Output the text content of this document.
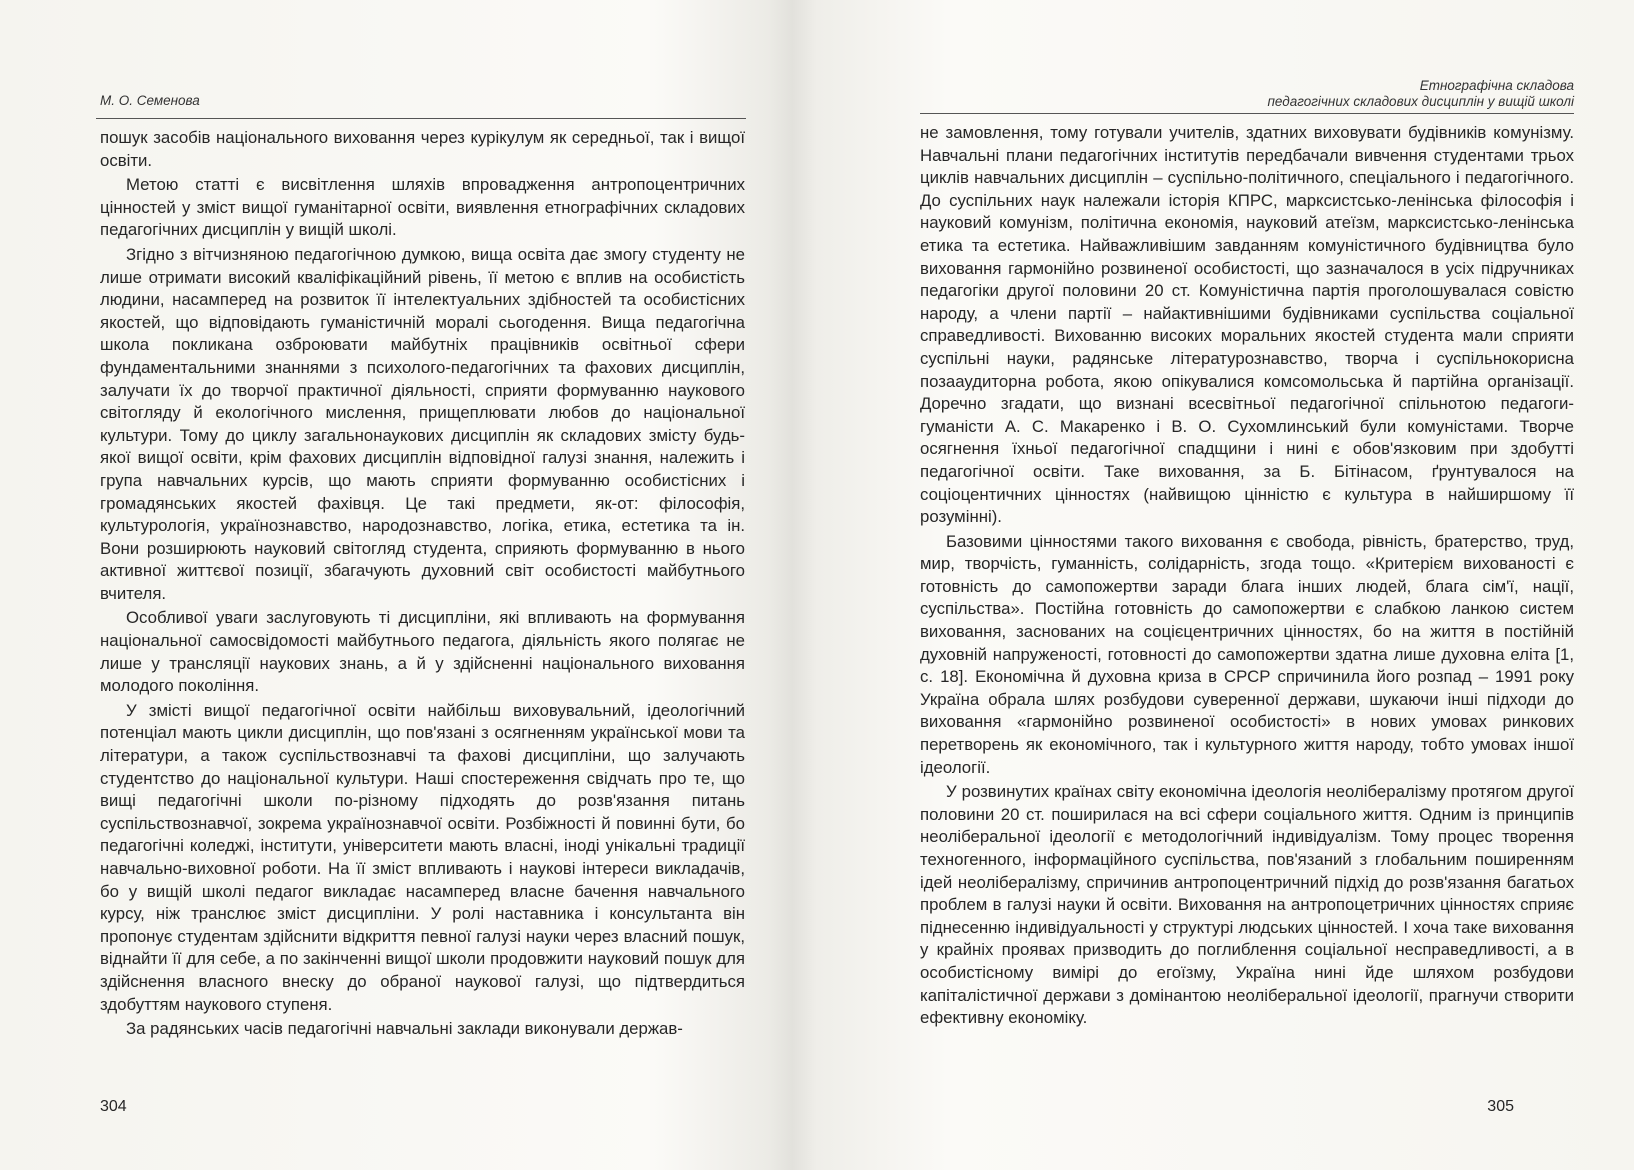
М. О. Семенова

пошук засобів національного виховання через курікулум як середньої, так і вищої освіти.

Метою статті є висвітлення шляхів впровадження антропоцентричних цінностей у зміст вищої гуманітарної освіти, виявлення етнографічних складових педагогічних дисциплін у вищій школі.

Згідно з вітчизняною педагогічною думкою, вища освіта дає змогу студенту не лише отримати високий кваліфікаційний рівень, її метою є вплив на особистість людини, насамперед на розвиток її інтелектуальних здібностей та особистісних якостей, що відповідають гуманістичній моралі сьогодення. Вища педагогічна школа покликана озброювати майбутніх працівників освітньої сфери фундаментальними знаннями з психолого-педагогічних та фахових дисциплін, залучати їх до творчої практичної діяльності, сприяти формуванню наукового світогляду й екологічного мислення, прищеплювати любов до національної культури. Тому до циклу загальнонаукових дисциплін як складових змісту будь-якої вищої освіти, крім фахових дисциплін відповідної галузі знання, належить і група навчальних курсів, що мають сприяти формуванню особистісних і громадянських якостей фахівця. Це такі предмети, як-от: філософія, культурологія, українознавство, народознавство, логіка, етика, естетика та ін. Вони розширюють науковий світогляд студента, сприяють формуванню в нього активної життєвої позиції, збагачують духовний світ особистості майбутнього вчителя.

Особливої уваги заслуговують ті дисципліни, які впливають на формування національної самосвідомості майбутнього педагога, діяльність якого полягає не лише у трансляції наукових знань, а й у здійсненні національного виховання молодого покоління.

У змісті вищої педагогічної освіти найбільш виховувальний, ідеологічний потенціал мають цикли дисциплін, що пов'язані з осягненням української мови та літератури, а також суспільствознавчі та фахові дисципліни, що залучають студентство до національної культури. Наші спостереження свідчать про те, що вищі педагогічні школи по-різному підходять до розв'язання питань суспільствознавчої, зокрема українознавчої освіти. Розбіжності й повинні бути, бо педагогічні коледжі, інститути, університети мають власні, іноді унікальні традиції навчально-виховної роботи. На її зміст впливають і наукові інтереси викладачів, бо у вищій школі педагог викладає насамперед власне бачення навчального курсу, ніж транслює зміст дисципліни. У ролі наставника і консультанта він пропонує студентам здійснити відкриття певної галузі науки через власний пошук, віднайти її для себе, а по закінченні вищої школи продовжити науковий пошук для здійснення власного внеску до обраної наукової галузі, що підтвердиться здобуттям наукового ступеня.

За радянських часів педагогічні навчальні заклади виконували держав-

304
Етнографічна складова
педагогічних складових дисциплін у вищій школі

не замовлення, тому готували учителів, здатних виховувати будівників комунізму. Навчальні плани педагогічних інститутів передбачали вивчення студентами трьох циклів навчальних дисциплін – суспільно-політичного, спеціального і педагогічного. До суспільних наук належали історія КПРС, марксистсько-ленінська філософія і науковий комунізм, політична економія, науковий атеїзм, марксистсько-ленінська етика та естетика. Найважливішим завданням комуністичного будівництва було виховання гармонійно розвиненої особистості, що зазначалося в усіх підручниках педагогіки другої половини 20 ст. Комуністична партія проголошувалася совістю народу, а члени партії – найактивнішими будівниками суспільства соціальної справедливості. Вихованню високих моральних якостей студента мали сприяти суспільні науки, радянське літературознавство, творча і суспільнокорисна позааудиторна робота, якою опікувалися комсомольська й партійна організації. Доречно згадати, що визнані всесвітньої педагогічної спільнотою педагоги-гуманісти А. С. Макаренко і В. О. Сухомлинський були комуністами. Творче осягнення їхньої педагогічної спадщини і нині є обов'язковим при здобутті педагогічної освіти. Таке виховання, за Б. Бітінасом, ґрунтувалося на соціоцентичних цінностях (найвищою цінністю є культура в найширшому її розумінні).

Базовими цінностями такого виховання є свобода, рівність, братерство, труд, мир, творчість, гуманність, солідарність, згода тощо. «Критерієм вихованості є готовність до самопожертви заради блага інших людей, блага сім'ї, нації, суспільства». Постійна готовність до самопожертви є слабкою ланкою систем виховання, заснованих на соцієцентричних цінностях, бо на життя в постійній духовній напруженості, готовності до самопожертви здатна лише духовна еліта [1, с. 18]. Економічна й духовна криза в СРСР спричинила його розпад – 1991 року Україна обрала шлях розбудови суверенної держави, шукаючи інші підходи до виховання «гармонійно розвиненої особистості» в нових умовах ринкових перетворень як економічного, так і культурного життя народу, тобто умовах іншої ідеології.

У розвинутих країнах світу економічна ідеологія неолібералізму протягом другої половини 20 ст. поширилася на всі сфери соціального життя. Одним із принципів неоліберальної ідеології є методологічний індивідуалізм. Тому процес творення техногенного, інформаційного суспільства, пов'язаний з глобальним поширенням ідей неолібералізму, спричинив антропоцентричний підхід до розв'язання багатьох проблем в галузі науки й освіти. Виховання на антропоцетричних цінностях сприяє піднесенню індивідуальності у структурі людських цінностей. І хоча таке виховання у крайніх проявах призводить до поглиблення соціальної несправедливості, а в особистісному вимірі до егоїзму, Україна нині йде шляхом розбудови капіталістичної держави з домінантою неоліберальної ідеології, прагнучи створити ефективну економіку.

305
